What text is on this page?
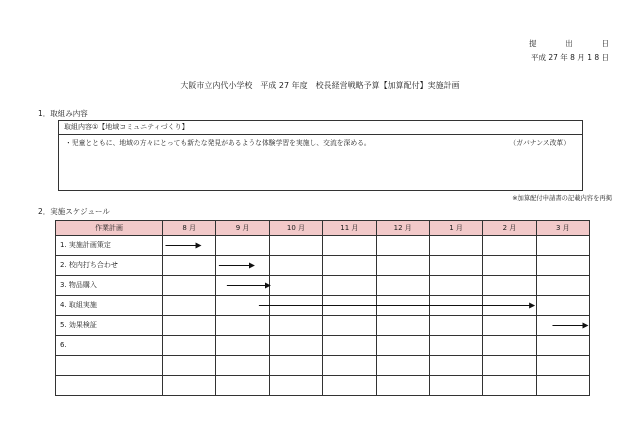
提	出	日
平成 27 年 8 月 1 8 日
大阪市立内代小学校　平成 27 年度　校長経営戦略予算【加算配付】実施計画
1．取組み内容
取組内容①【地域コミュニティづくり】
・児童とともに、地域の方々にとっても新たな発見があるような体験学習を実施し、交流を深める。	（ガバナンス改革）
※加算配付申請書の記載内容を再掲
2．実施スケジュール
作業計画	8 月	9 月	10 月	11 月	12 月	1 月	2 月	3 月
1. 実施計画策定								
2. 校内打ち合わせ								
3. 物品購入								
4. 取組実施								
5. 効果検証								
6.								
